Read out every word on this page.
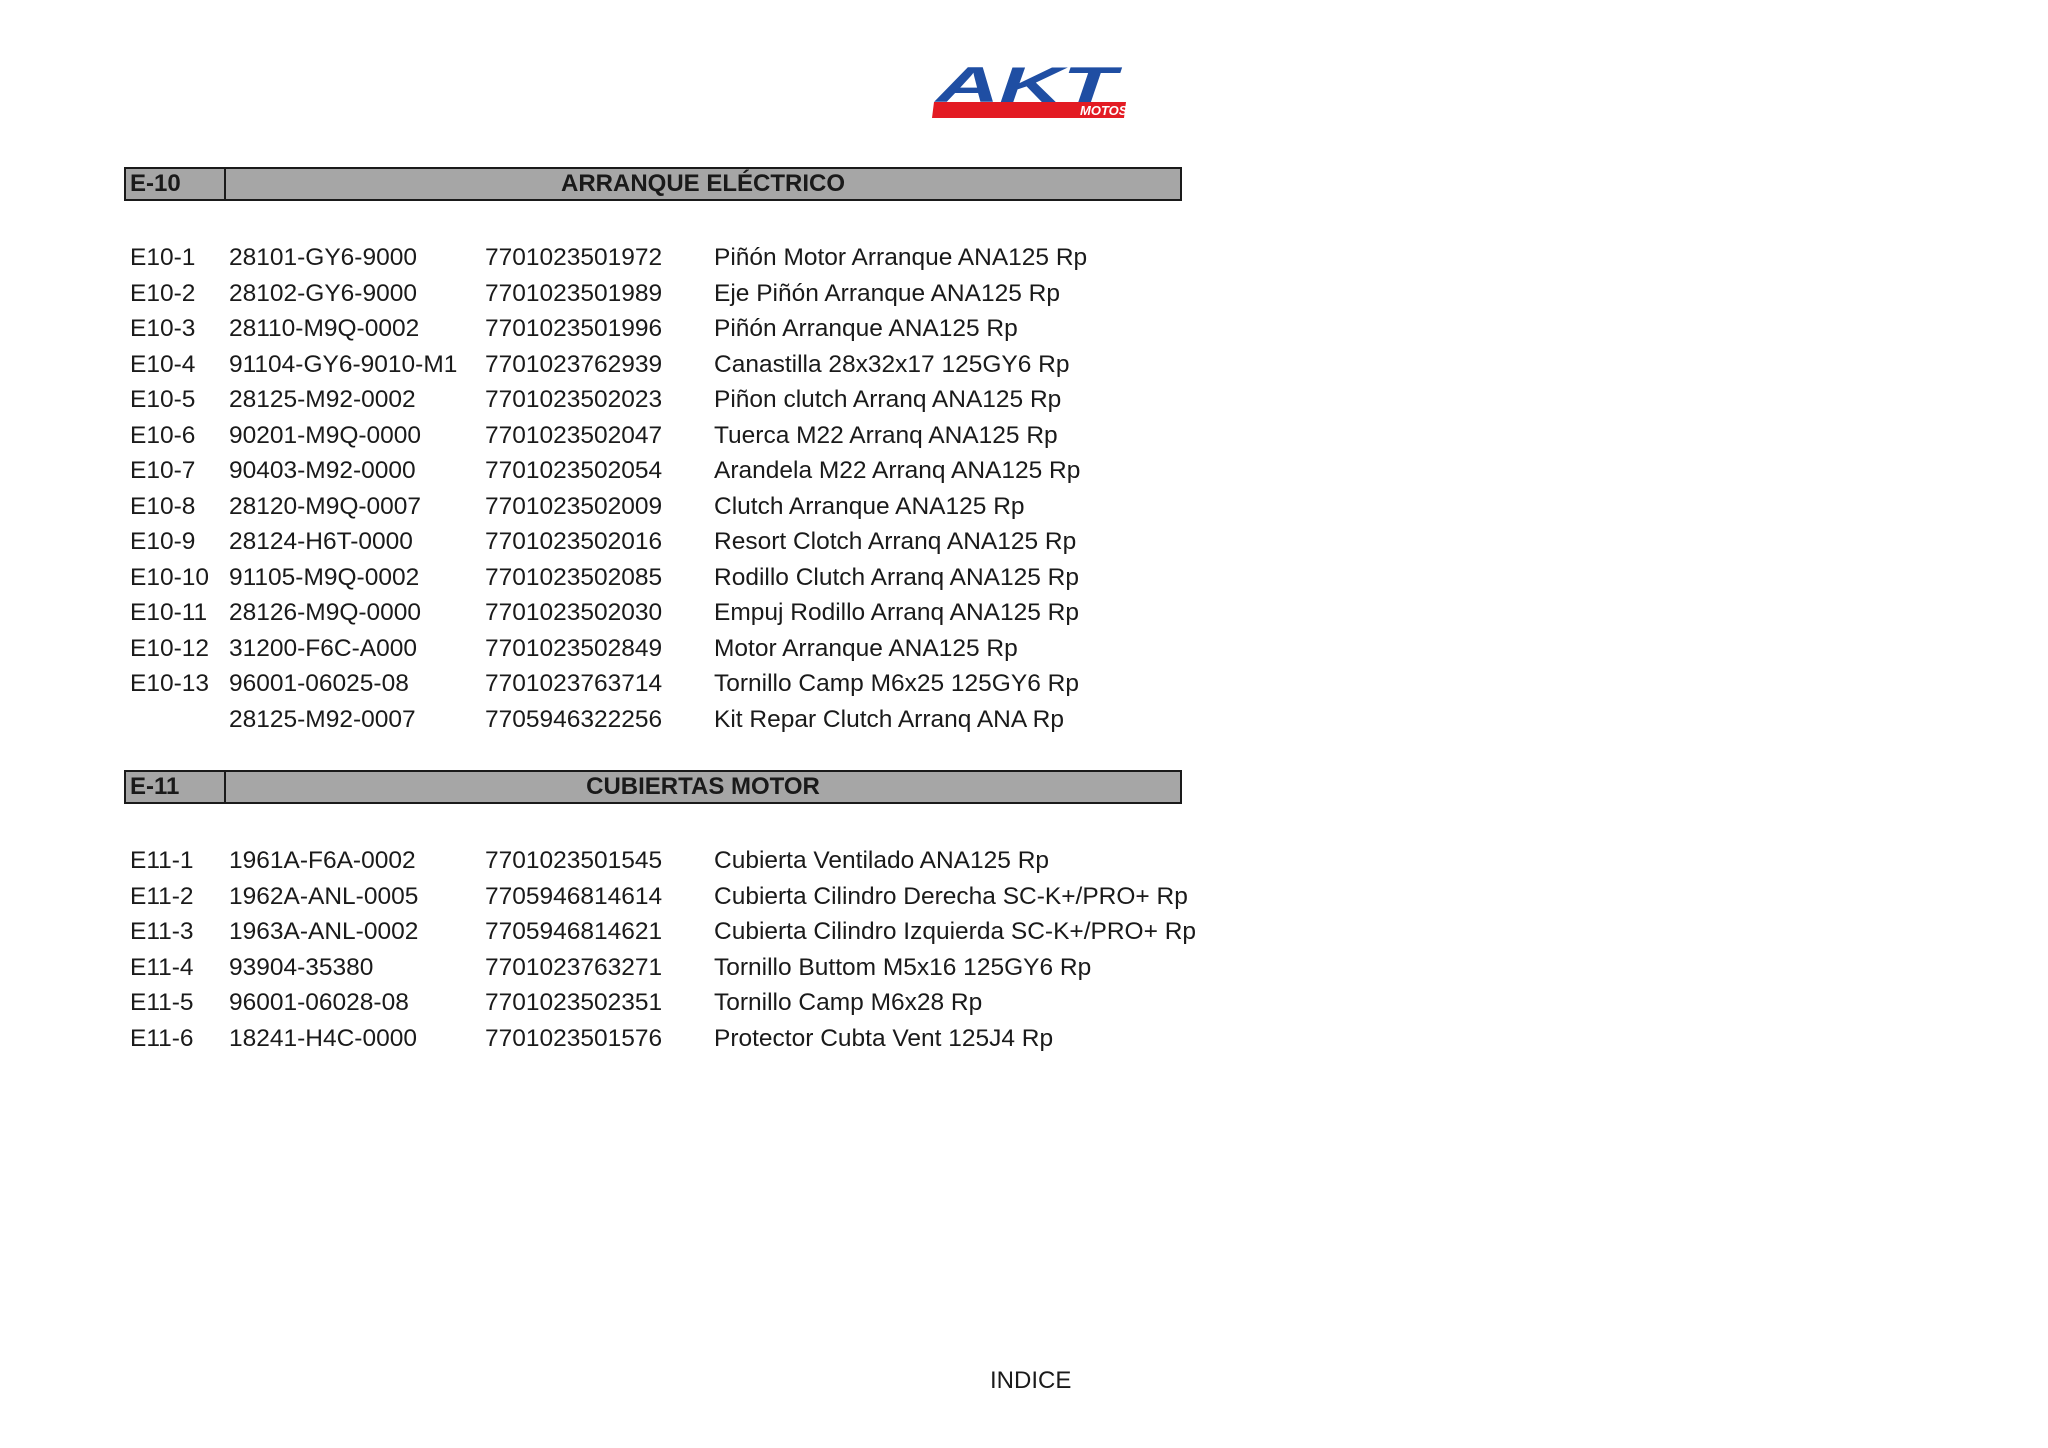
MOTOS
AKT
E-10	ARRANQUE ELÉCTRICO
E10-1 28101-GY6-9000	7701023501972 Piñón Motor Arranque ANA125 Rp
E10-2 28102-GY6-9000	7701023501989 Eje Piñón Arranque ANA125 Rp
E10-3 28110-M9Q-0002	7701023501996 Piñón Arranque ANA125 Rp
E10-4 91104-GY6-9010-M1 7701023762939 Canastilla 28x32x17 125GY6 Rp
E10-5 28125-M92-0002	7701023502023 Piñon clutch Arranq ANA125 Rp
E10-6 90201-M9Q-0000	7701023502047 Tuerca M22 Arranq ANA125 Rp
E10-7 90403-M92-0000	7701023502054 Arandela M22 Arranq ANA125 Rp
E10-8 28120-M9Q-0007	7701023502009 Clutch Arranque ANA125 Rp
E10-9 28124-H6T-0000	7701023502016 Resort Clotch Arranq ANA125 Rp
E10-10 91105-M9Q-0002	7701023502085 Rodillo Clutch Arranq ANA125 Rp
E10-11 28126-M9Q-0000	7701023502030 Empuj Rodillo Arranq ANA125 Rp
E10-12 31200-F6C-A000	7701023502849 Motor Arranque ANA125 Rp
E10-13 96001-06025-08	7701023763714 Tornillo Camp M6x25 125GY6 Rp
28125-M92-0007	7705946322256 Kit Repar Clutch Arranq ANA Rp
E-11	CUBIERTAS MOTOR
E11-1 1961A-F6A-0002	7701023501545 Cubierta Ventilado ANA125 Rp
E11-2 1962A-ANL-0005	7705946814614 Cubierta Cilindro Derecha SC-K+/PRO+ Rp
E11-3 1963A-ANL-0002	7705946814621 Cubierta Cilindro Izquierda SC-K+/PRO+ Rp
E11-4 93904-35380	7701023763271 Tornillo Buttom M5x16 125GY6 Rp
E11-5 96001-06028-08	7701023502351 Tornillo Camp M6x28 Rp
E11-6 18241-H4C-0000	7701023501576 Protector Cubta Vent 125J4 Rp
INDICE
